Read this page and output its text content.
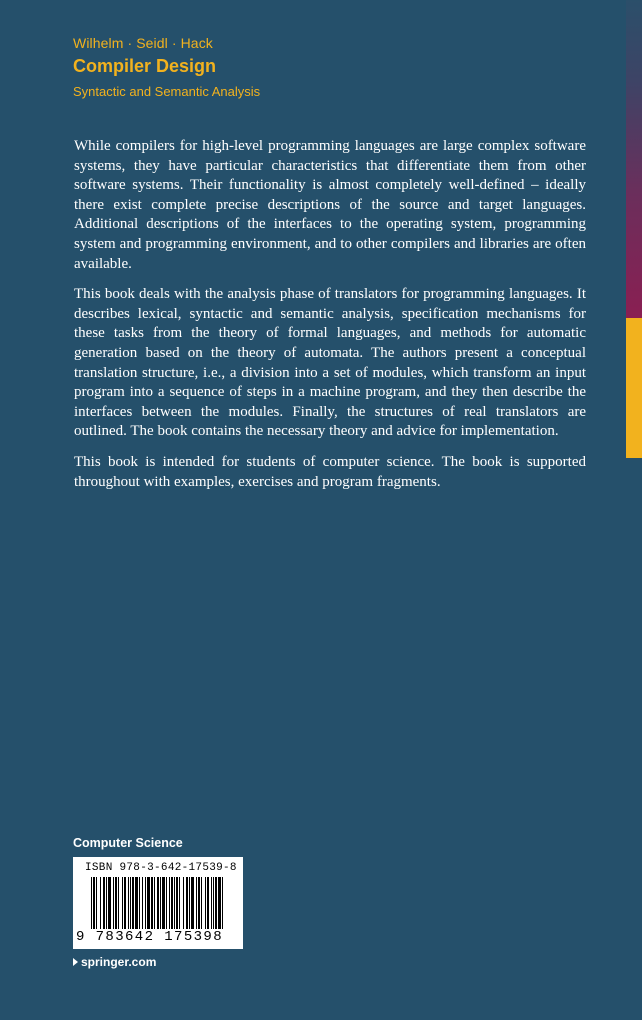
Wilhelm · Seidl · Hack
Compiler Design
Syntactic and Semantic Analysis

While compilers for high-level programming languages are large complex software systems, they have particular characteristics that differentiate them from other software systems. Their functionality is almost completely well-defined – ideally there exist complete precise descriptions of the source and target languages. Additional descriptions of the interfaces to the operating system, programming system and programming environment, and to other compilers and libraries are often available.

This book deals with the analysis phase of translators for programming languages. It describes lexical, syntactic and semantic analysis, specification mechanisms for these tasks from the theory of formal languages, and methods for automatic generation based on the theory of automata. The authors present a conceptual translation structure, i.e., a division into a set of modules, which transform an input program into a sequence of steps in a machine program, and they then describe the interfaces between the modules. Finally, the structures of real translators are outlined. The book contains the necessary theory and advice for implementation.

This book is intended for students of computer science. The book is supported throughout with examples, exercises and program fragments.

Computer Science
ISBN 978-3-642-17539-8
9 783642 175398
springer.com
